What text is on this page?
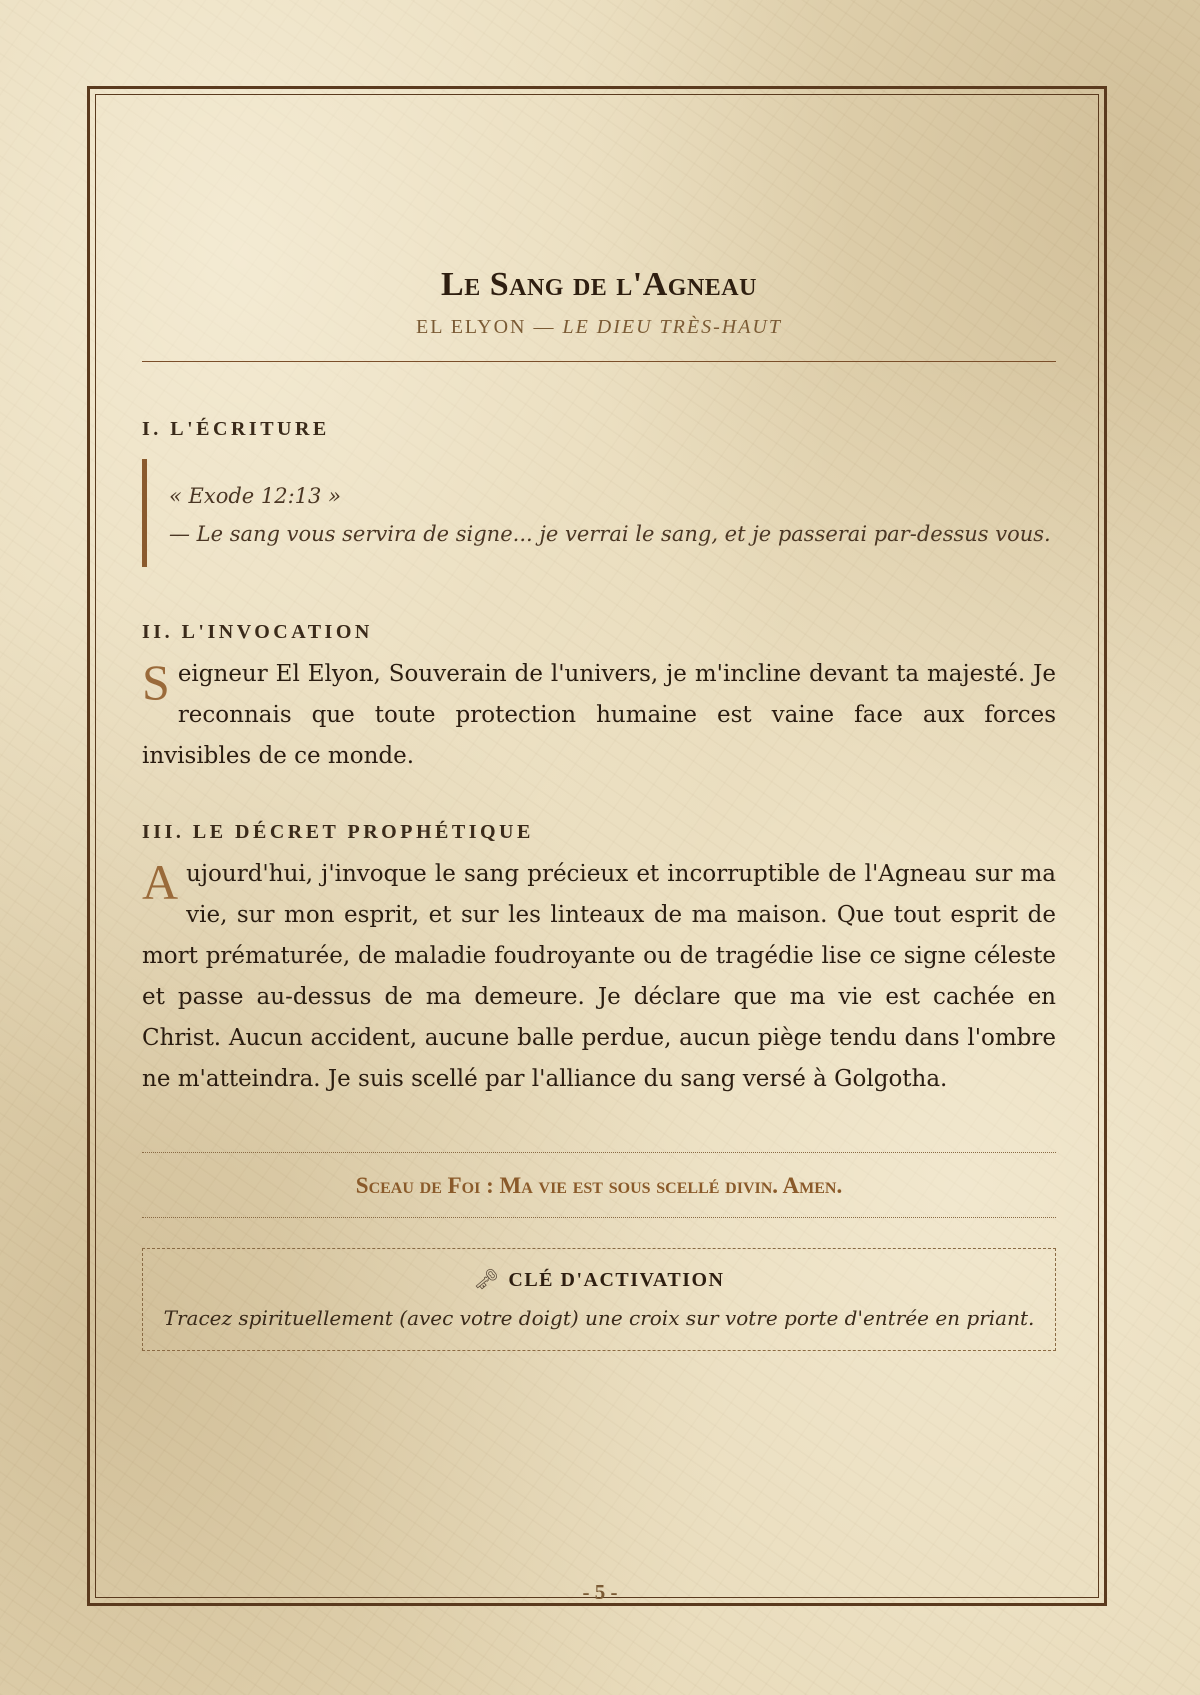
Le Sang de l'Agneau
EL ELYON — LE DIEU TRÈS-HAUT
I. L'ÉCRITURE
« Exode 12:13 »
— Le sang vous servira de signe... je verrai le sang, et je passerai par-dessus vous.
II. L'INVOCATION

Seigneur El Elyon, Souverain de l'univers, je m'incline devant ta majesté. Je reconnais que toute protection humaine est vaine face aux forces invisibles de ce monde.

III. LE DÉCRET PROPHÉTIQUE

Aujourd'hui, j'invoque le sang précieux et incorruptible de l'Agneau sur ma vie, sur mon esprit, et sur les linteaux de ma maison. Que tout esprit de mort prématurée, de maladie foudroyante ou de tragédie lise ce signe céleste et passe au-dessus de ma demeure. Je déclare que ma vie est cachée en Christ. Aucun accident, aucune balle perdue, aucun piège tendu dans l'ombre ne m'atteindra. Je suis scellé par l'alliance du sang versé à Golgotha.

Sceau de Foi : Ma vie est sous scellé divin. Amen.
🗝 CLÉ D'ACTIVATION
Tracez spirituellement (avec votre doigt) une croix sur votre porte d'entrée en priant.
- 5 -
